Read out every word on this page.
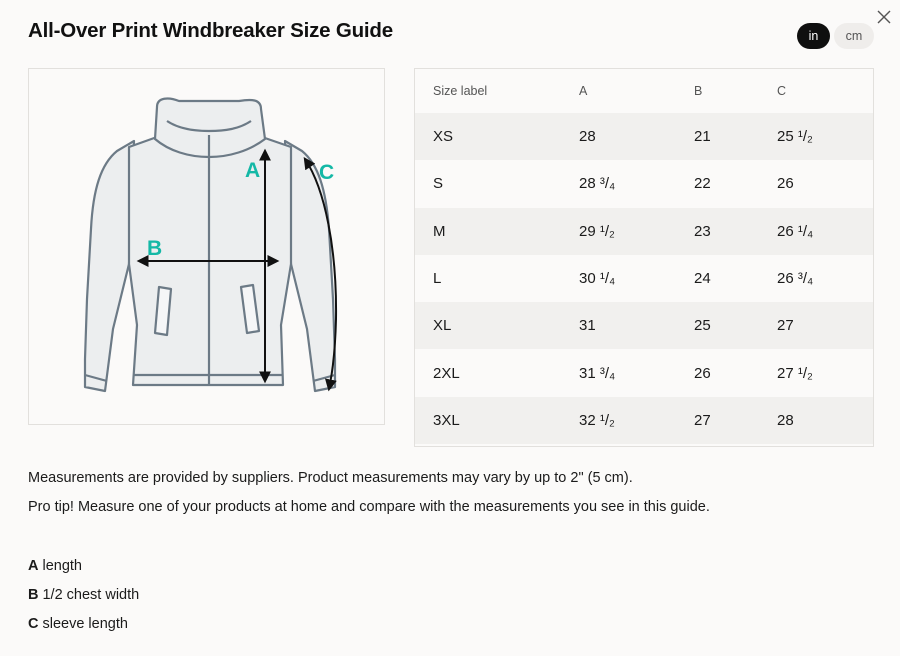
All-Over Print Windbreaker Size Guide	in	cm
A
B
C
Size label	A	B	C
XS	28	21	25 ¹/₂
S	28 ³/₄	22	26
M	29 ¹/₂	23	26 ¹/₄
L	30 ¹/₄	24	26 ³/₄
XL	31	25	27
2XL	31 ³/₄	26	27 ¹/₂
3XL	32 ¹/₂	27	28

Measurements are provided by suppliers. Product measurements may vary by up to 2" (5 cm).

Pro tip! Measure one of your products at home and compare with the measurements you see in this guide.

A length
B 1/2 chest width
C sleeve length
